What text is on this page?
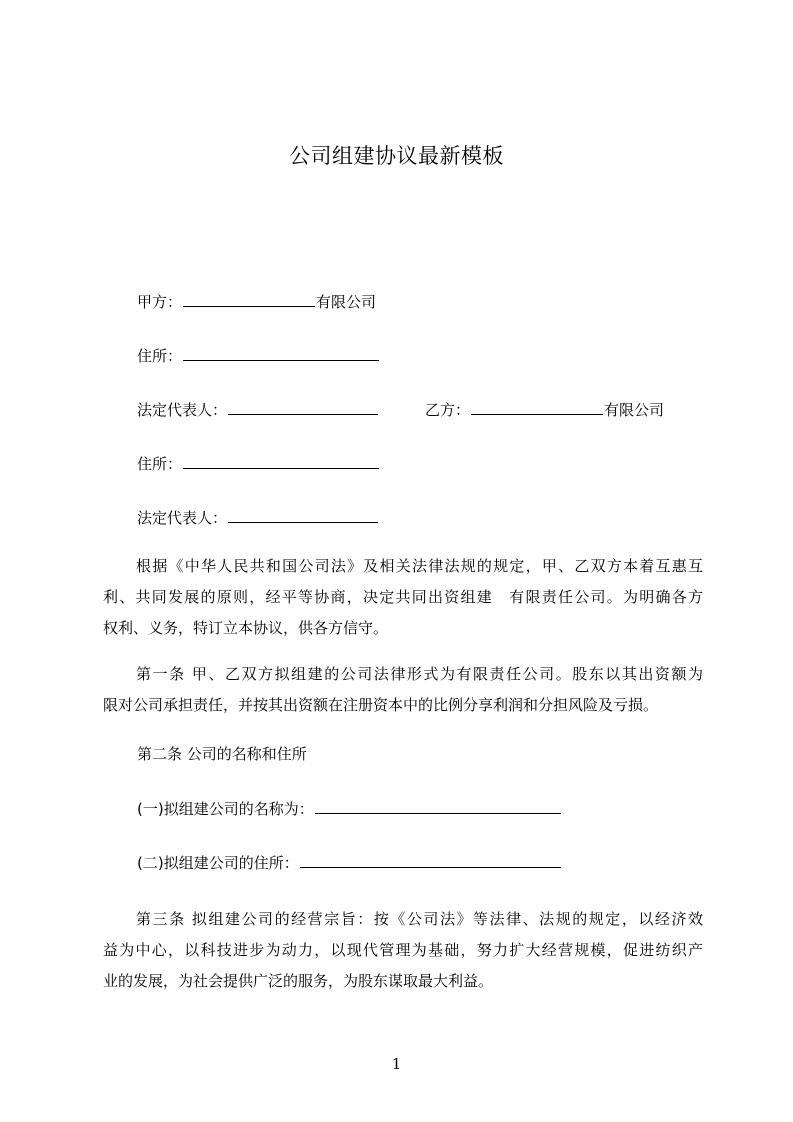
公司组建协议最新模板
甲方：	有限公司
住所：
法定代表人：	乙方：	有限公司
住所：
法定代表人：
根据《中华人民共和国公司法》及相关法律法规的规定，甲、乙双方本着互惠互
利、共同发展的原则，经平等协商，决定共同出资组建　有限责任公司。为明确各方
权利、义务，特订立本协议，供各方信守。
第一条 甲、乙双方拟组建的公司法律形式为有限责任公司。股东以其出资额为
限对公司承担责任，并按其出资额在注册资本中的比例分享利润和分担风险及亏损。
第二条 公司的名称和住所
(一)拟组建公司的名称为：
(二)拟组建公司的住所：
第三条 拟组建公司的经营宗旨：按《公司法》等法律、法规的规定，以经济效
益为中心，以科技进步为动力，以现代管理为基础，努力扩大经营规模，促进纺织产
业的发展，为社会提供广泛的服务，为股东谋取最大利益。
1
